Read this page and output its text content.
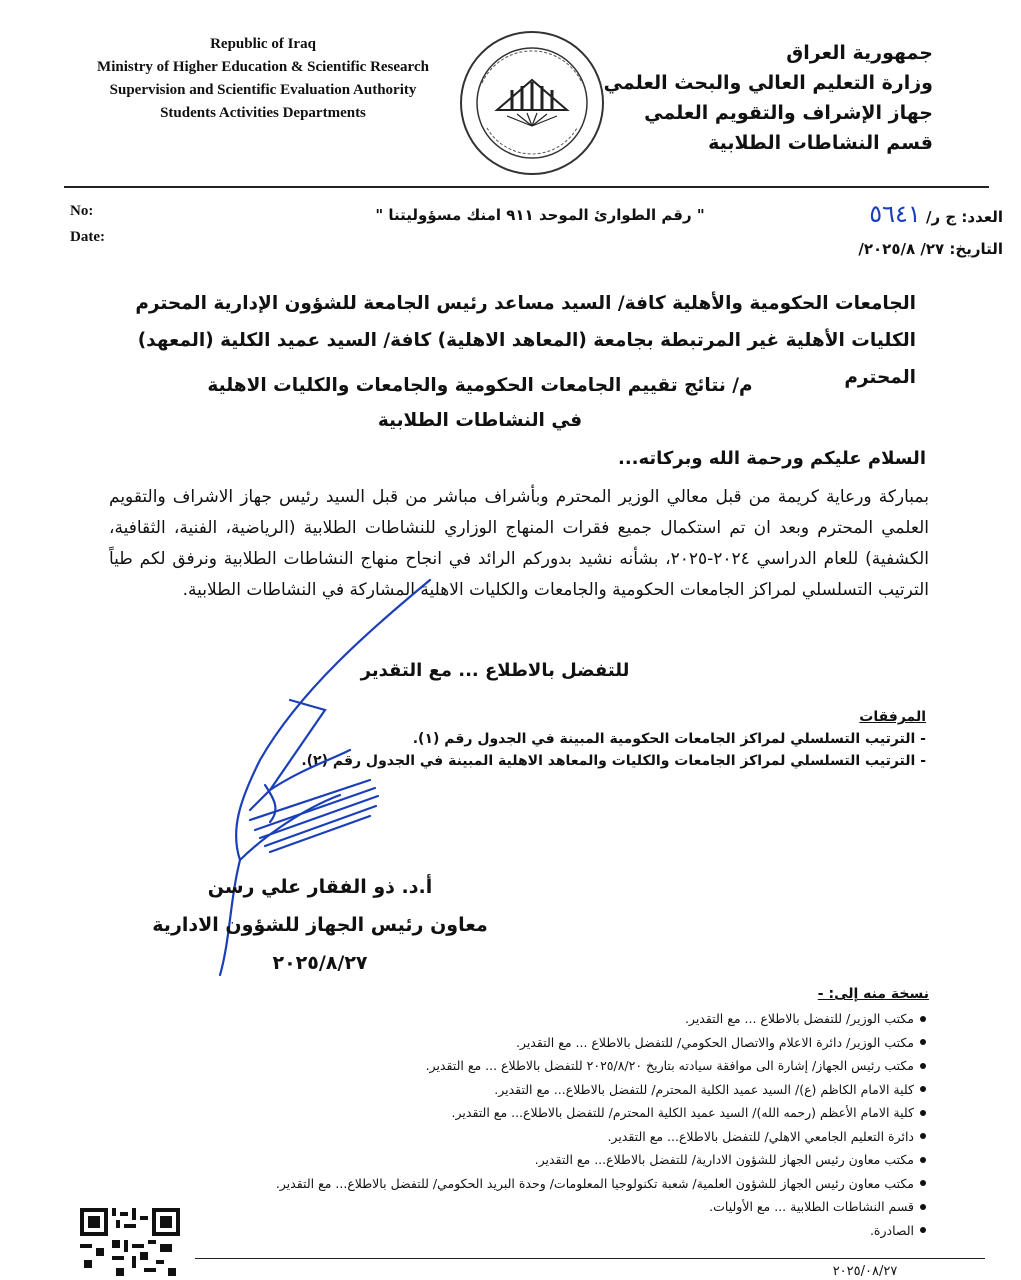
Republic of Iraq
Ministry of Higher Education & Scientific Research
Supervision and Scientific Evaluation Authority
Students Activities Departments
جمهورية العراق
وزارة التعليم العالي والبحث العلمي
جهاز الإشراف والتقويم العلمي
قسم النشاطات الطلابية
No:
Date:
" رقم الطوارئ الموحد ٩١١ امنك مسؤوليتنا "	العدد: ج ر/ ٥٦٤١
التاريخ: ٢٧/ ٢٠٢٥/٨/
الجامعات الحكومية والأهلية كافة/ السيد مساعد رئيس الجامعة للشؤون الإدارية المحترم
الكليات الأهلية غير المرتبطة بجامعة (المعاهد الاهلية) كافة/ السيد عميد الكلية (المعهد) المحترم
م/ نتائج تقييم الجامعات الحكومية والجامعات والكليات الاهلية
في النشاطات الطلابية
السلام عليكم ورحمة الله وبركاته...
بمباركة ورعاية كريمة من قبل معالي الوزير المحترم وبأشراف مباشر من قبل السيد رئيس جهاز الاشراف والتقويم العلمي المحترم وبعد ان تم استكمال جميع فقرات المنهاج الوزاري للنشاطات الطلابية (الرياضية، الفنية، الثقافية، الكشفية) للعام الدراسي ٢٠٢٤-٢٠٢٥، بشأنه نشيد بدوركم الرائد في انجاح منهاج النشاطات الطلابية ونرفق لكم طياً الترتيب التسلسلي لمراكز الجامعات الحكومية والجامعات والكليات الاهلية المشاركة في النشاطات الطلابية.
للتفضل بالاطلاع ... مع التقدير
المرفقات
- الترتيب التسلسلي لمراكز الجامعات الحكومية المبينة في الجدول رقم (١).
- الترتيب التسلسلي لمراكز الجامعات والكليات والمعاهد الاهلية المبينة في الجدول رقم (٢).
أ.د. ذو الفقار علي رسن
معاون رئيس الجهاز للشؤون الادارية
٢٠٢٥/٨/٢٧
نسخة منه إلى: -
مكتب الوزير/ للتفضل بالاطلاع ... مع التقدير.
مكتب الوزير/ دائرة الاعلام والاتصال الحكومي/ للتفضل بالاطلاع ... مع التقدير.
مكتب رئيس الجهاز/ إشارة الى موافقة سيادته بتاريخ ٢٠٢٥/٨/٢٠ للتفضل بالاطلاع ... مع التقدير.
كلية الامام الكاظم (ع)/ السيد عميد الكلية المحترم/ للتفضل بالاطلاع... مع التقدير.
كلية الامام الأعظم (رحمه الله)/ السيد عميد الكلية المحترم/ للتفضل بالاطلاع... مع التقدير.
دائرة التعليم الجامعي الاهلي/ للتفضل بالاطلاع... مع التقدير.
مكتب معاون رئيس الجهاز للشؤون الادارية/ للتفضل بالاطلاع... مع التقدير.
مكتب معاون رئيس الجهاز للشؤون العلمية/ شعبة تكنولوجيا المعلومات/ وحدة البريد الحكومي/ للتفضل بالاطلاع... مع التقدير.
قسم النشاطات الطلابية ... مع الأوليات.
الصادرة.
٢٠٢٥/٠٨/٢٧
